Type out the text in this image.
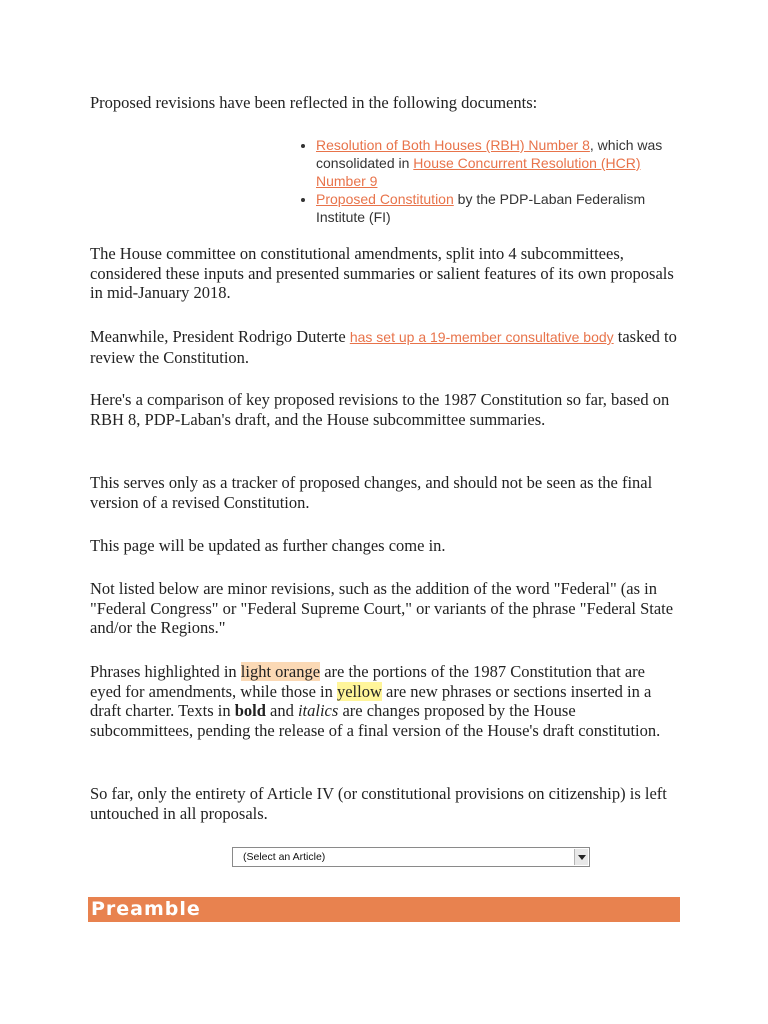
Proposed revisions have been reflected in the following documents:

• Resolution of Both Houses (RBH) Number 8, which was consolidated in House Concurrent Resolution (HCR) Number 9
• Proposed Constitution by the PDP-Laban Federalism Institute (FI)

The House committee on constitutional amendments, split into 4 subcommittees, considered these inputs and presented summaries or salient features of its own proposals in mid-January 2018.

Meanwhile, President Rodrigo Duterte has set up a 19-member consultative body tasked to review the Constitution.

Here's a comparison of key proposed revisions to the 1987 Constitution so far, based on RBH 8, PDP-Laban's draft, and the House subcommittee summaries.

This serves only as a tracker of proposed changes, and should not be seen as the final version of a revised Constitution.

This page will be updated as further changes come in.

Not listed below are minor revisions, such as the addition of the word "Federal" (as in "Federal Congress" or "Federal Supreme Court," or variants of the phrase "Federal State and/or the Regions."

Phrases highlighted in light orange are the portions of the 1987 Constitution that are eyed for amendments, while those in yellow are new phrases or sections inserted in a draft charter. Texts in bold and italics are changes proposed by the House subcommittees, pending the release of a final version of the House's draft constitution.

So far, only the entirety of Article IV (or constitutional provisions on citizenship) is left untouched in all proposals.

(Select an Article)
Preamble
